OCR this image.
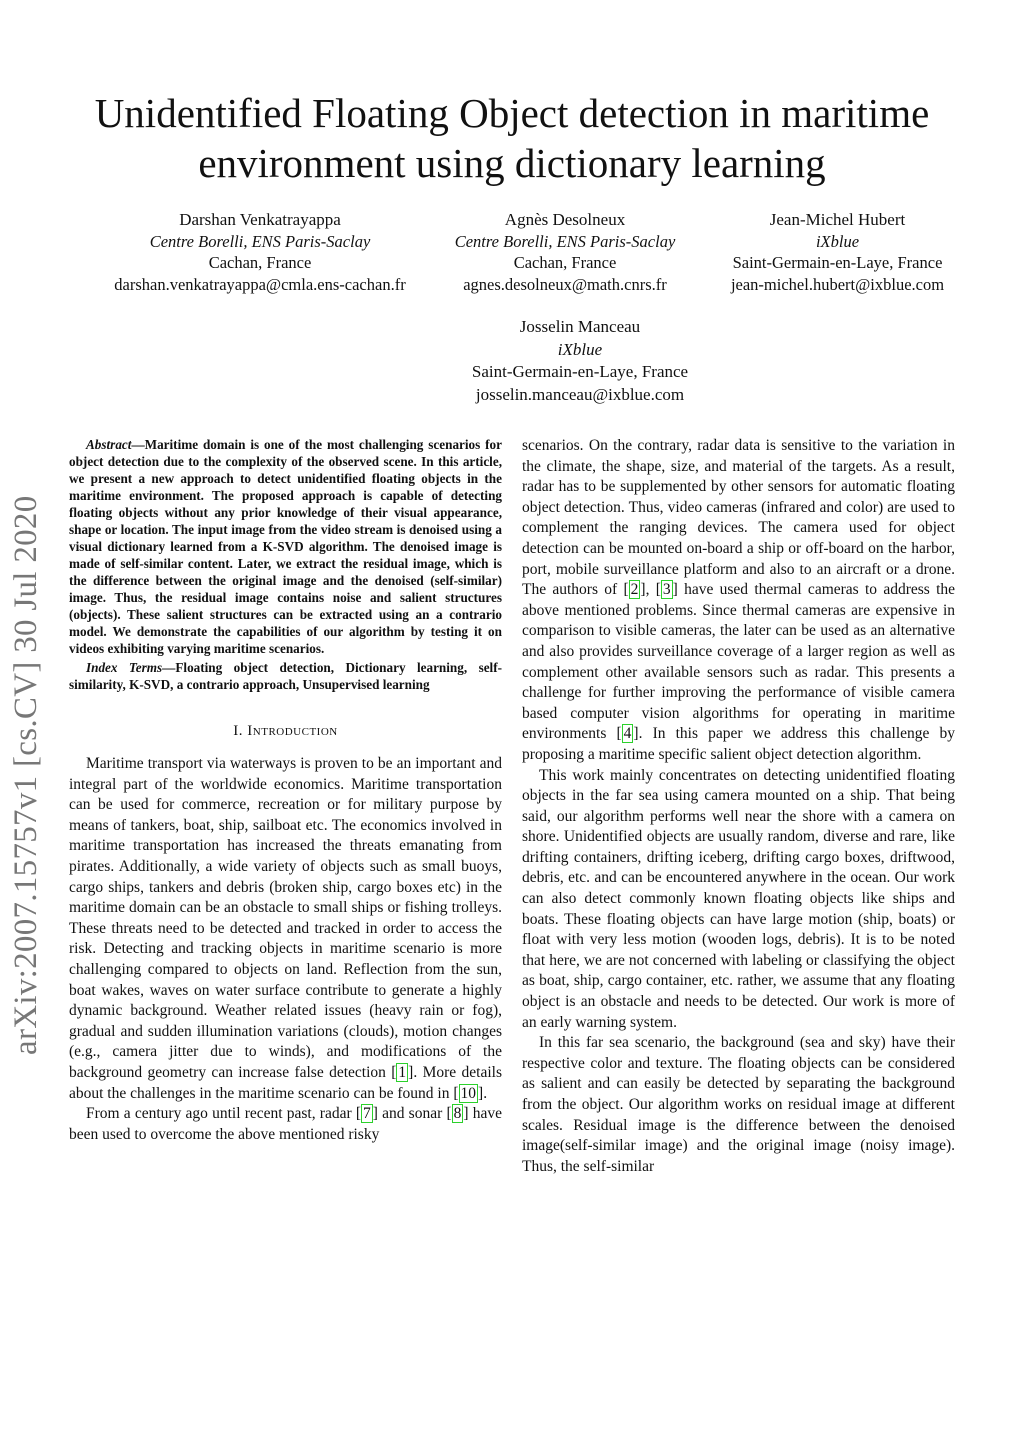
arXiv:2007.15757v1 [cs.CV] 30 Jul 2020
Unidentified Floating Object detection in maritime environment using dictionary learning
Darshan Venkatrayappa
Centre Borelli, ENS Paris-Saclay
Cachan, France
darshan.venkatrayappa@cmla.ens-cachan.fr
Agnès Desolneux
Centre Borelli, ENS Paris-Saclay
Cachan, France
agnes.desolneux@math.cnrs.fr
Jean-Michel Hubert
iXblue
Saint-Germain-en-Laye, France
jean-michel.hubert@ixblue.com
Josselin Manceau
iXblue
Saint-Germain-en-Laye, France
josselin.manceau@ixblue.com

Abstract—Maritime domain is one of the most challenging scenarios for object detection due to the complexity of the observed scene. In this article, we present a new approach to detect unidentified floating objects in the maritime environment. The proposed approach is capable of detecting floating objects without any prior knowledge of their visual appearance, shape or location. The input image from the video stream is denoised using a visual dictionary learned from a K-SVD algorithm. The denoised image is made of self-similar content. Later, we extract the residual image, which is the difference between the original image and the denoised (self-similar) image. Thus, the residual image contains noise and salient structures (objects). These salient structures can be extracted using an a contrario model. We demonstrate the capabilities of our algorithm by testing it on videos exhibiting varying maritime scenarios.

Index Terms—Floating object detection, Dictionary learning, self-similarity, K-SVD, a contrario approach, Unsupervised learning

I. Introduction

Maritime transport via waterways is proven to be an important and integral part of the worldwide economics. Maritime transportation can be used for commerce, recreation or for military purpose by means of tankers, boat, ship, sailboat etc. The economics involved in maritime transportation has increased the threats emanating from pirates. Additionally, a wide variety of objects such as small buoys, cargo ships, tankers and debris (broken ship, cargo boxes etc) in the maritime domain can be an obstacle to small ships or fishing trolleys. These threats need to be detected and tracked in order to access the risk. Detecting and tracking objects in maritime scenario is more challenging compared to objects on land. Reflection from the sun, boat wakes, waves on water surface contribute to generate a highly dynamic background. Weather related issues (heavy rain or fog), gradual and sudden illumination variations (clouds), motion changes (e.g., camera jitter due to winds), and modifications of the background geometry can increase false detection [ 1 ]. More details about the challenges in the maritime scenario can be found in [ 10 ].

From a century ago until recent past, radar [ 7 ] and sonar [ 8 ] have been used to overcome the above mentioned risky

scenarios. On the contrary, radar data is sensitive to the variation in the climate, the shape, size, and material of the targets. As a result, radar has to be supplemented by other sensors for automatic floating object detection. Thus, video cameras (infrared and color) are used to complement the ranging devices. The camera used for object detection can be mounted on-board a ship or off-board on the harbor, port, mobile surveillance platform and also to an aircraft or a drone. The authors of [ 2 ], [ 3 ] have used thermal cameras to address the above mentioned problems. Since thermal cameras are expensive in comparison to visible cameras, the later can be used as an alternative and also provides surveillance coverage of a larger region as well as complement other available sensors such as radar. This presents a challenge for further improving the performance of visible camera based computer vision algorithms for operating in maritime environments [ 4 ]. In this paper we address this challenge by proposing a maritime specific salient object detection algorithm.

This work mainly concentrates on detecting unidentified floating objects in the far sea using camera mounted on a ship. That being said, our algorithm performs well near the shore with a camera on shore. Unidentified objects are usually random, diverse and rare, like drifting containers, drifting iceberg, drifting cargo boxes, driftwood, debris, etc. and can be encountered anywhere in the ocean. Our work can also detect commonly known floating objects like ships and boats. These floating objects can have large motion (ship, boats) or float with very less motion (wooden logs, debris). It is to be noted that here, we are not concerned with labeling or classifying the object as boat, ship, cargo container, etc. rather, we assume that any floating object is an obstacle and needs to be detected. Our work is more of an early warning system.

In this far sea scenario, the background (sea and sky) have their respective color and texture. The floating objects can be considered as salient and can easily be detected by separating the background from the object. Our algorithm works on residual image at different scales. Residual image is the difference between the denoised image(self-similar image) and the original image (noisy image). Thus, the self-similar
